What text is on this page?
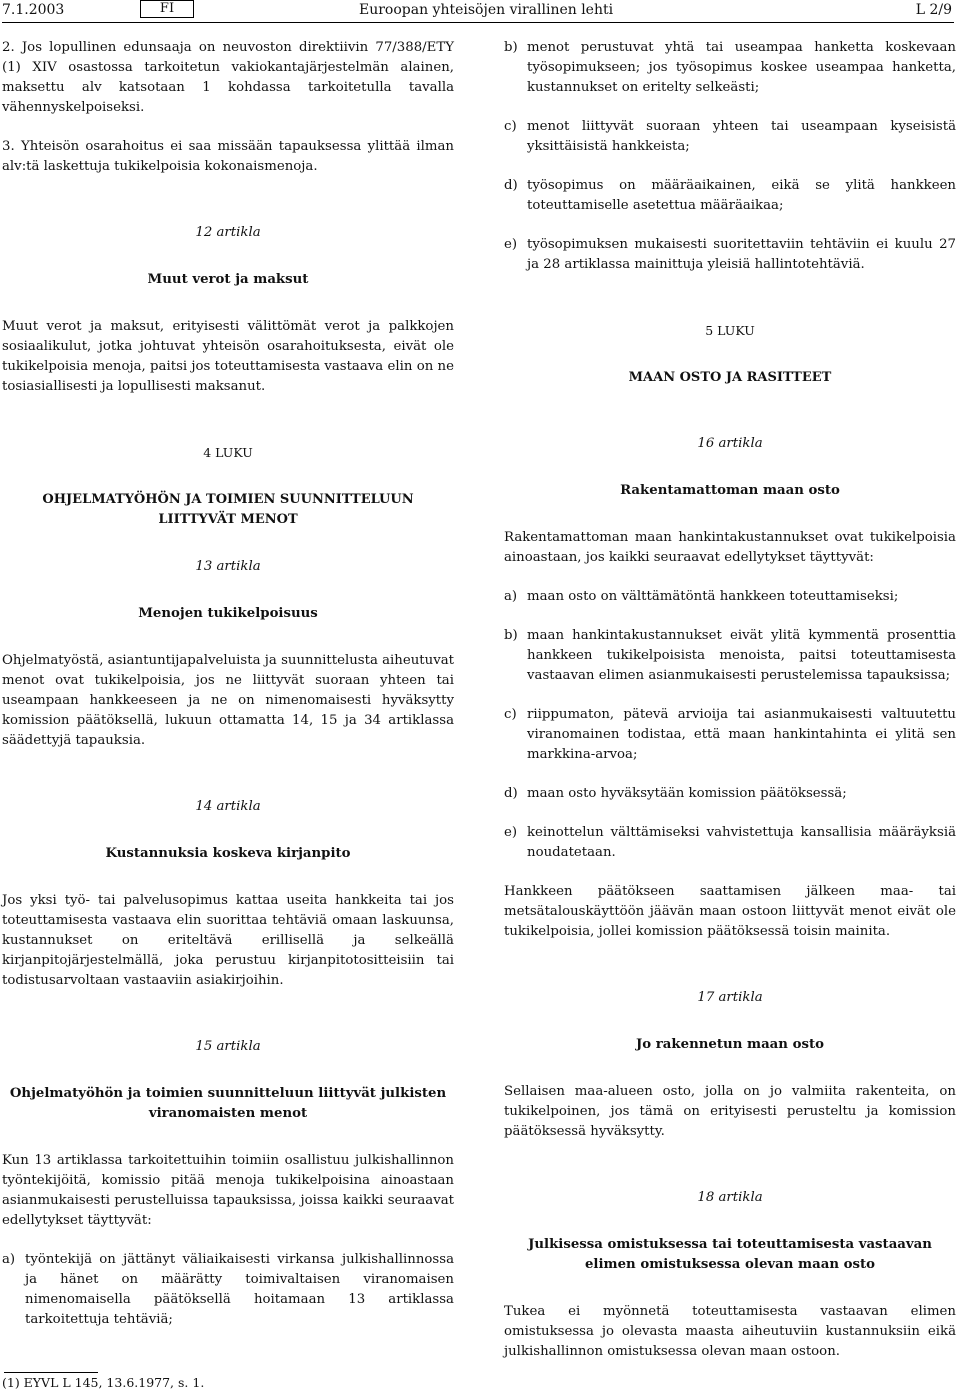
7.1.2003	FI	Euroopan yhteisöjen virallinen lehti	L 2/9

2. Jos lopullinen edunsaaja on neuvoston direktiivin 77/388/ETY (1) XIV osastossa tarkoitetun vakiokantajärjestelmän alainen, maksettu alv katsotaan 1 kohdassa tarkoitetulla tavalla vähennyskelpoiseksi.

3. Yhteisön osarahoitus ei saa missään tapauksessa ylittää ilman alv:tä laskettuja tukikelpoisia kokonaismenoja.

12 artikla

Muut verot ja maksut

Muut verot ja maksut, erityisesti välittömät verot ja palkkojen sosiaalikulut, jotka johtuvat yhteisön osarahoituksesta, eivät ole tukikelpoisia menoja, paitsi jos toteuttamisesta vastaava elin on ne tosiasiallisesti ja lopullisesti maksanut.

4 LUKU

OHJELMATYÖHÖN JA TOIMIEN SUUNNITTELUUN LIITTYVÄT MENOT

13 artikla

Menojen tukikelpoisuus

Ohjelmatyöstä, asiantuntijapalveluista ja suunnittelusta aiheutuvat menot ovat tukikelpoisia, jos ne liittyvät suoraan yhteen tai useampaan hankkeeseen ja ne on nimenomaisesti hyväksytty komission päätöksellä, lukuun ottamatta 14, 15 ja 34 artiklassa säädettyjä tapauksia.

14 artikla

Kustannuksia koskeva kirjanpito

Jos yksi työ- tai palvelusopimus kattaa useita hankkeita tai jos toteuttamisesta vastaava elin suorittaa tehtäviä omaan laskuunsa, kustannukset on eriteltävä erillisellä ja selkeällä kirjanpitojärjestelmällä, joka perustuu kirjanpitotositteisiin tai todistusarvoltaan vastaaviin asiakirjoihin.

15 artikla

Ohjelmatyöhön ja toimien suunnitteluun liittyvät julkisten viranomaisten menot

Kun 13 artiklassa tarkoitettuihin toimiin osallistuu julkishallinnon työntekijöitä, komissio pitää menoja tukikelpoisina ainoastaan asianmukaisesti perustelluissa tapauksissa, joissa kaikki seuraavat edellytykset täyttyvät:

a) työntekijä on jättänyt väliaikaisesti virkansa julkishallinnossa ja hänet on määrätty toimivaltaisen viranomaisen nimenomaisella päätöksellä hoitamaan 13 artiklassa tarkoitettuja tehtäviä;

b) menot perustuvat yhtä tai useampaa hanketta koskevaan työsopimukseen; jos työsopimus koskee useampaa hanketta, kustannukset on eritelty selkeästi;

c) menot liittyvät suoraan yhteen tai useampaan kyseisistä yksittäisistä hankkeista;

d) työsopimus on määräaikainen, eikä se ylitä hankkeen toteuttamiselle asetettua määräaikaa;

e) työsopimuksen mukaisesti suoritettaviin tehtäviin ei kuulu 27 ja 28 artiklassa mainittuja yleisiä hallintotehtäviä.

5 LUKU

MAAN OSTO JA RASITTEET

16 artikla

Rakentamattoman maan osto

Rakentamattoman maan hankintakustannukset ovat tukikelpoisia ainoastaan, jos kaikki seuraavat edellytykset täyttyvät:

a) maan osto on välttämätöntä hankkeen toteuttamiseksi;

b) maan hankintakustannukset eivät ylitä kymmentä prosenttia hankkeen tukikelpoisista menoista, paitsi toteuttamisesta vastaavan elimen asianmukaisesti perustelemissa tapauksissa;

c) riippumaton, pätevä arvioija tai asianmukaisesti valtuutettu viranomainen todistaa, että maan hankintahinta ei ylitä sen markkina-arvoa;

d) maan osto hyväksytään komission päätöksessä;

e) keinottelun välttämiseksi vahvistettuja kansallisia määräyksiä noudatetaan.

Hankkeen päätökseen saattamisen jälkeen maa- tai metsätalouskäyttöön jäävän maan ostoon liittyvät menot eivät ole tukikelpoisia, jollei komission päätöksessä toisin mainita.

17 artikla

Jo rakennetun maan osto

Sellaisen maa-alueen osto, jolla on jo valmiita rakenteita, on tukikelpoinen, jos tämä on erityisesti perusteltu ja komission päätöksessä hyväksytty.

18 artikla

Julkisessa omistuksessa tai toteuttamisesta vastaavan elimen omistuksessa olevan maan osto

Tukea ei myönnetä toteuttamisesta vastaavan elimen omistuksessa jo olevasta maasta aiheutuviin kustannuksiin eikä julkishallinnon omistuksessa olevan maan ostoon.

(1) EYVL L 145, 13.6.1977, s. 1.
